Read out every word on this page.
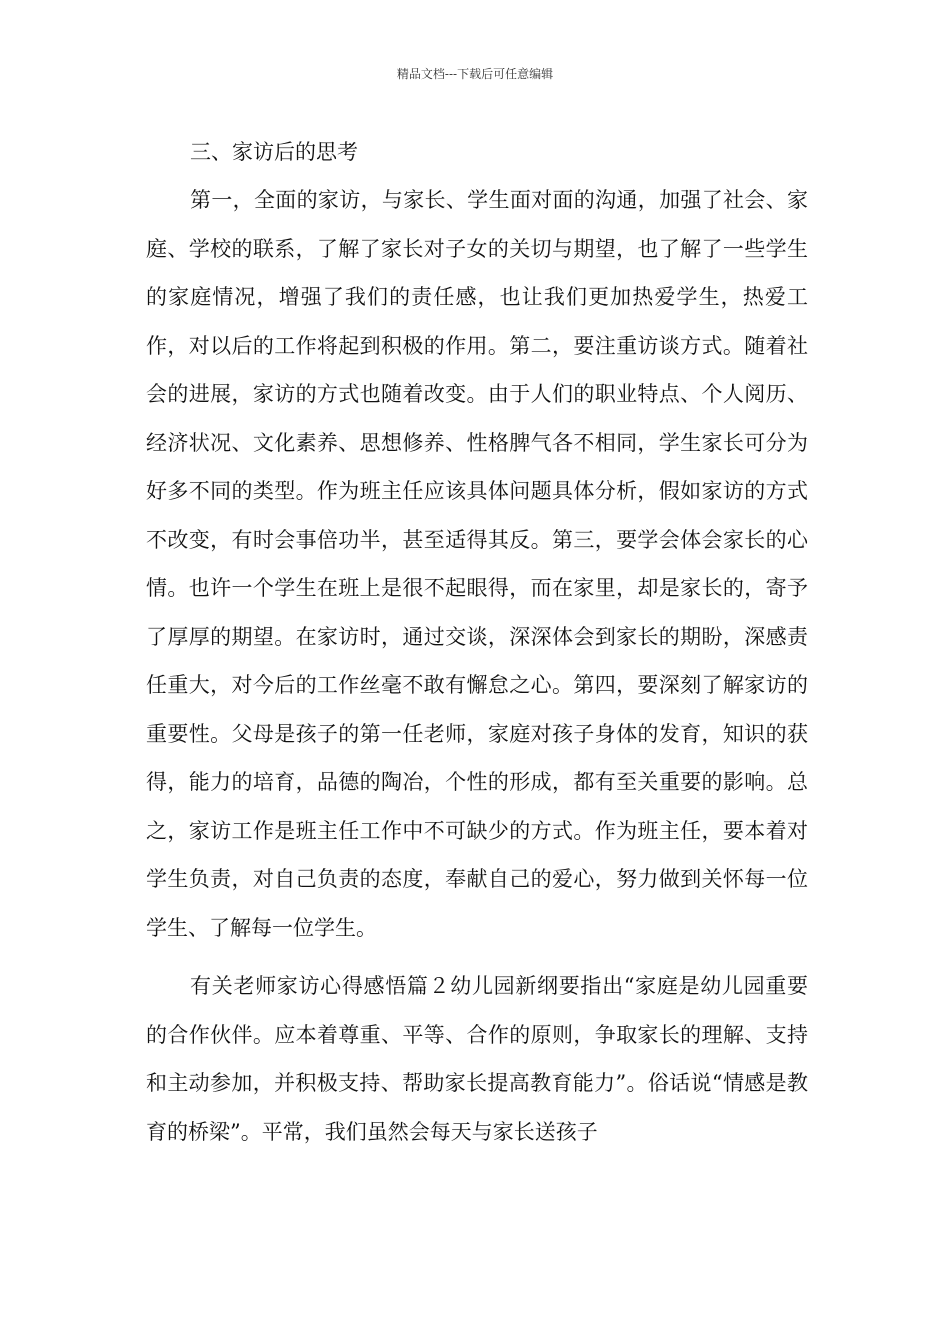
精品文档---下载后可任意编辑

三、家访后的思考

第一，全面的家访，与家长、学生面对面的沟通，加强了社会、家庭、学校的联系，了解了家长对子女的关切与期望，也了解了一些学生的家庭情况，增强了我们的责任感，也让我们更加热爱学生，热爱工作，对以后的工作将起到积极的作用。第二，要注重访谈方式。随着社会的进展，家访的方式也随着改变。由于人们的职业特点、个人阅历、经济状况、文化素养、思想修养、性格脾气各不相同，学生家长可分为好多不同的类型。作为班主任应该具体问题具体分析，假如家访的方式不改变，有时会事倍功半，甚至适得其反。第三，要学会体会家长的心情。也许一个学生在班上是很不起眼得，而在家里，却是家长的，寄予了厚厚的期望。在家访时，通过交谈，深深体会到家长的期盼，深感责任重大，对今后的工作丝毫不敢有懈怠之心。第四，要深刻了解家访的重要性。父母是孩子的第一任老师，家庭对孩子身体的发育，知识的获得，能力的培育，品德的陶冶，个性的形成，都有至关重要的影响。总之，家访工作是班主任工作中不可缺少的方式。作为班主任，要本着对学生负责，对自己负责的态度，奉献自己的爱心，努力做到关怀每一位学生、了解每一位学生。

有关老师家访心得感悟篇２幼儿园新纲要指出“家庭是幼儿园重要的合作伙伴。应本着尊重、平等、合作的原则，争取家长的理解、支持和主动参加，并积极支持、帮助家长提高教育能力”。俗话说“情感是教育的桥梁”。平常，我们虽然会每天与家长送孩子
